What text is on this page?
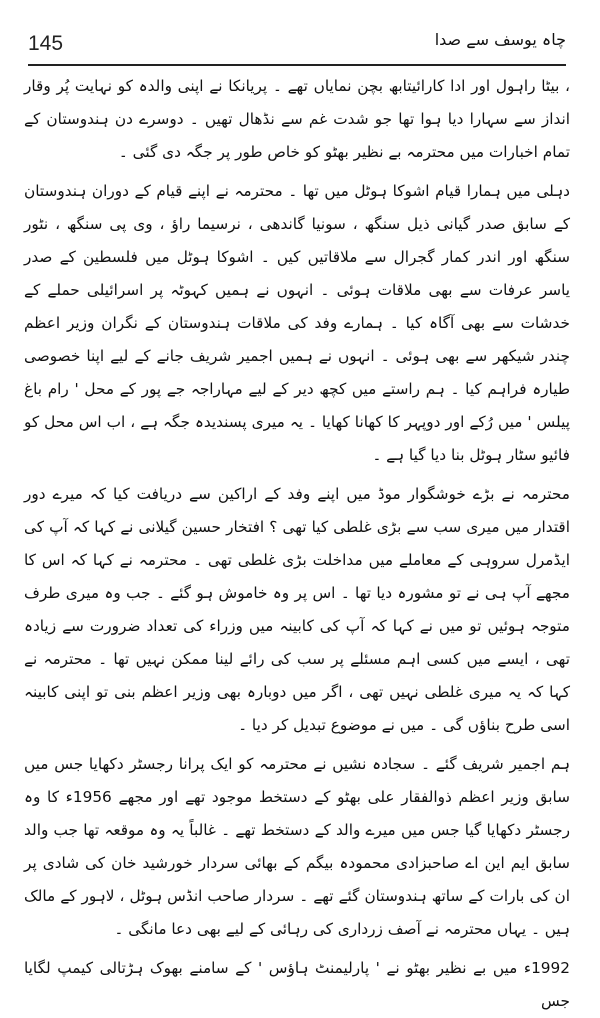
145	چاہ یوسف سے صدا

، بیٹا راہول اور ادا کارائیتابھ بچن نمایاں تھے ۔ پریانکا نے اپنی والدہ کو نہایت پُر وقار انداز سے سہارا دیا ہوا تھا جو شدت غم سے نڈھال تھیں ۔ دوسرے دن ہندوستان کے تمام اخبارات میں محترمہ بے نظیر بھٹو کو خاص طور پر جگہ دی گئی ۔

دہلی میں ہمارا قیام اشوکا ہوٹل میں تھا ۔ محترمہ نے اپنے قیام کے دوران ہندوستان کے سابق صدر گیانی ذیل سنگھ ، سونیا گاندھی ، نرسیما راؤ ، وی پی سنگھ ، نٹور سنگھ اور اندر کمار گجرال سے ملاقاتیں کیں ۔ اشوکا ہوٹل میں فلسطین کے صدر یاسر عرفات سے بھی ملاقات ہوئی ۔ انہوں نے ہمیں کہوٹہ پر اسرائیلی حملے کے خدشات سے بھی آگاہ کیا ۔ ہمارے وفد کی ملاقات ہندوستان کے نگران وزیر اعظم چندر شیکھر سے بھی ہوئی ۔ انہوں نے ہمیں اجمیر شریف جانے کے لیے اپنا خصوصی طیارہ فراہم کیا ۔ ہم راستے میں کچھ دیر کے لیے مہاراجہ جے پور کے محل ' رام باغ پیلس ' میں رُکے اور دوپہر کا کھانا کھایا ۔ یہ میری پسندیدہ جگہ ہے ، اب اس محل کو فائیو سٹار ہوٹل بنا دیا گیا ہے ۔

محترمہ نے بڑے خوشگوار موڈ میں اپنے وفد کے اراکین سے دریافت کیا کہ میرے دور اقتدار میں میری سب سے بڑی غلطی کیا تھی ؟ افتخار حسین گیلانی نے کہا کہ آپ کی ایڈمرل سروہی کے معاملے میں مداخلت بڑی غلطی تھی ۔ محترمہ نے کہا کہ اس کا مجھے آپ ہی نے تو مشورہ دیا تھا ۔ اس پر وہ خاموش ہو گئے ۔ جب وہ میری طرف متوجہ ہوئیں تو میں نے کہا کہ آپ کی کابینہ میں وزراء کی تعداد ضرورت سے زیادہ تھی ، ایسے میں کسی اہم مسئلے پر سب کی رائے لینا ممکن نہیں تھا ۔ محترمہ نے کہا کہ یہ میری غلطی نہیں تھی ، اگر میں دوبارہ بھی وزیر اعظم بنی تو اپنی کابینہ اسی طرح بناؤں گی ۔ میں نے موضوع تبدیل کر دیا ۔

ہم اجمیر شریف گئے ۔ سجادہ نشیں نے محترمہ کو ایک پرانا رجسٹر دکھایا جس میں سابق وزیر اعظم ذوالفقار علی بھٹو کے دستخط موجود تھے اور مجھے 1956ء کا وہ رجسٹر دکھایا گیا جس میں میرے والد کے دستخط تھے ۔ غالباً یہ وہ موقعہ تھا جب والد سابق ایم این اے صاحبزادی محمودہ بیگم کے بھائی سردار خورشید خان کی شادی پر ان کی بارات کے ساتھ ہندوستان گئے تھے ۔ سردار صاحب انڈس ہوٹل ، لاہور کے مالک ہیں ۔ یہاں محترمہ نے آصف زرداری کی رہائی کے لیے بھی دعا مانگی ۔

1992ء میں بے نظیر بھٹو نے ' پارلیمنٹ ہاؤس ' کے سامنے بھوک ہڑتالی کیمپ لگایا جس
